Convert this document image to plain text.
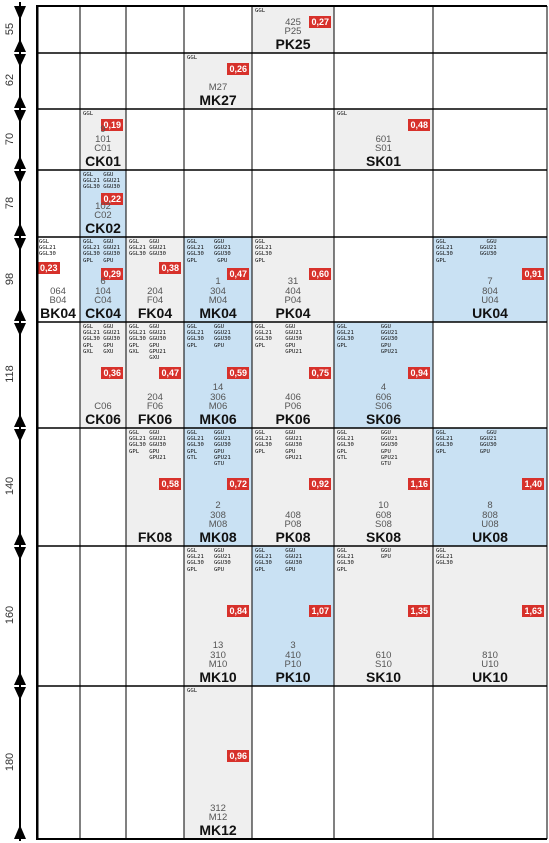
GGL
0,27
425
P25
PK25
GGL
0,26
M27
MK27
GGL
0,19
9
101
C01
CK01
GGL
0,48
601
S01
SK01
GGL   GGU
GGL21 GGU21
GGL30 GGU30
0,22
102
C02
CK02
GGL
GGL21
GGL30
0,23
064
B04
BK04
GGL   GGU
GGL21 GGU21
GGL30 GGU30
GPL   GPU
0,29
6
104
C04
CK04
GGL   GGU
GGL21 GGU21
GGL30 GGU30
0,38
204
F04
FK04
GGL     GGU
GGL21   GGU21
GGL30   GGU30
GPL      GPU
0,47
1
304
M04
MK04
GGL
GGL21
GGL30
GPL
0,60
31
404
P04
PK04
GGL            GGU
GGL21        GGU21
GGL30        GGU30
GPL
0,91
7
804
U04
UK04
GGL   GGU
GGL21 GGU21
GGL30 GGU30
GPL   GPU
GXL   GXU
0,36
C06
CK06
GGL   GGU
GGL21 GGU21
GGL30 GGU30
GPL   GPU
GXL   GPU21
GXU
0,47
204
F06
FK06
GGL     GGU
GGL21   GGU21
GGL30   GGU30
GPL     GPU
0,59
14
306
M06
MK06
GGL      GGU
GGL21    GGU21
GGL30    GGU30
GPL      GPU
GPU21
0,75
406
P06
PK06
GGL          GGU
GGL21        GGU21
GGL30        GGU30
GPL          GPU
GPU21
0,94
4
606
S06
SK06
GGL   GGU
GGL21 GGU21
GGL30 GGU30
GPL   GPU
GPU21
0,58
FK08
GGL     GGU
GGL21   GGU21
GGL30   GGU30
GPL     GPU
GTL     GPU21
GTU
0,72
2
308
M08
MK08
GGL      GGU
GGL21    GGU21
GGL30    GGU30
GPL      GPU
GPU21
0,92
408
P08
PK08
GGL          GGU
GGL21        GGU21
GGL30        GGU30
GPL          GPU
GTL          GPU21
GTU
1,16
10
608
S08
SK08
GGL            GGU
GGL21        GGU21
GGL30        GGU30
GPL          GPU
1,40
8
808
U08
UK08
GGL     GGU
GGL21   GGU21
GGL30   GGU30
GPL     GPU
0,84
13
310
M10
MK10
GGL      GGU
GGL21    GGU21
GGL30    GGU30
GPL      GPU
1,07
3
410
P10
PK10
GGL          GGU
GGL21        GPU
GGL30
GPL
1,35
610
S10
SK10
GGL
GGL21
GGL30
1,63
810
U10
UK10
GGL
0,96
312
M12
MK12
55
62
70
78
98
118
140
160
180
